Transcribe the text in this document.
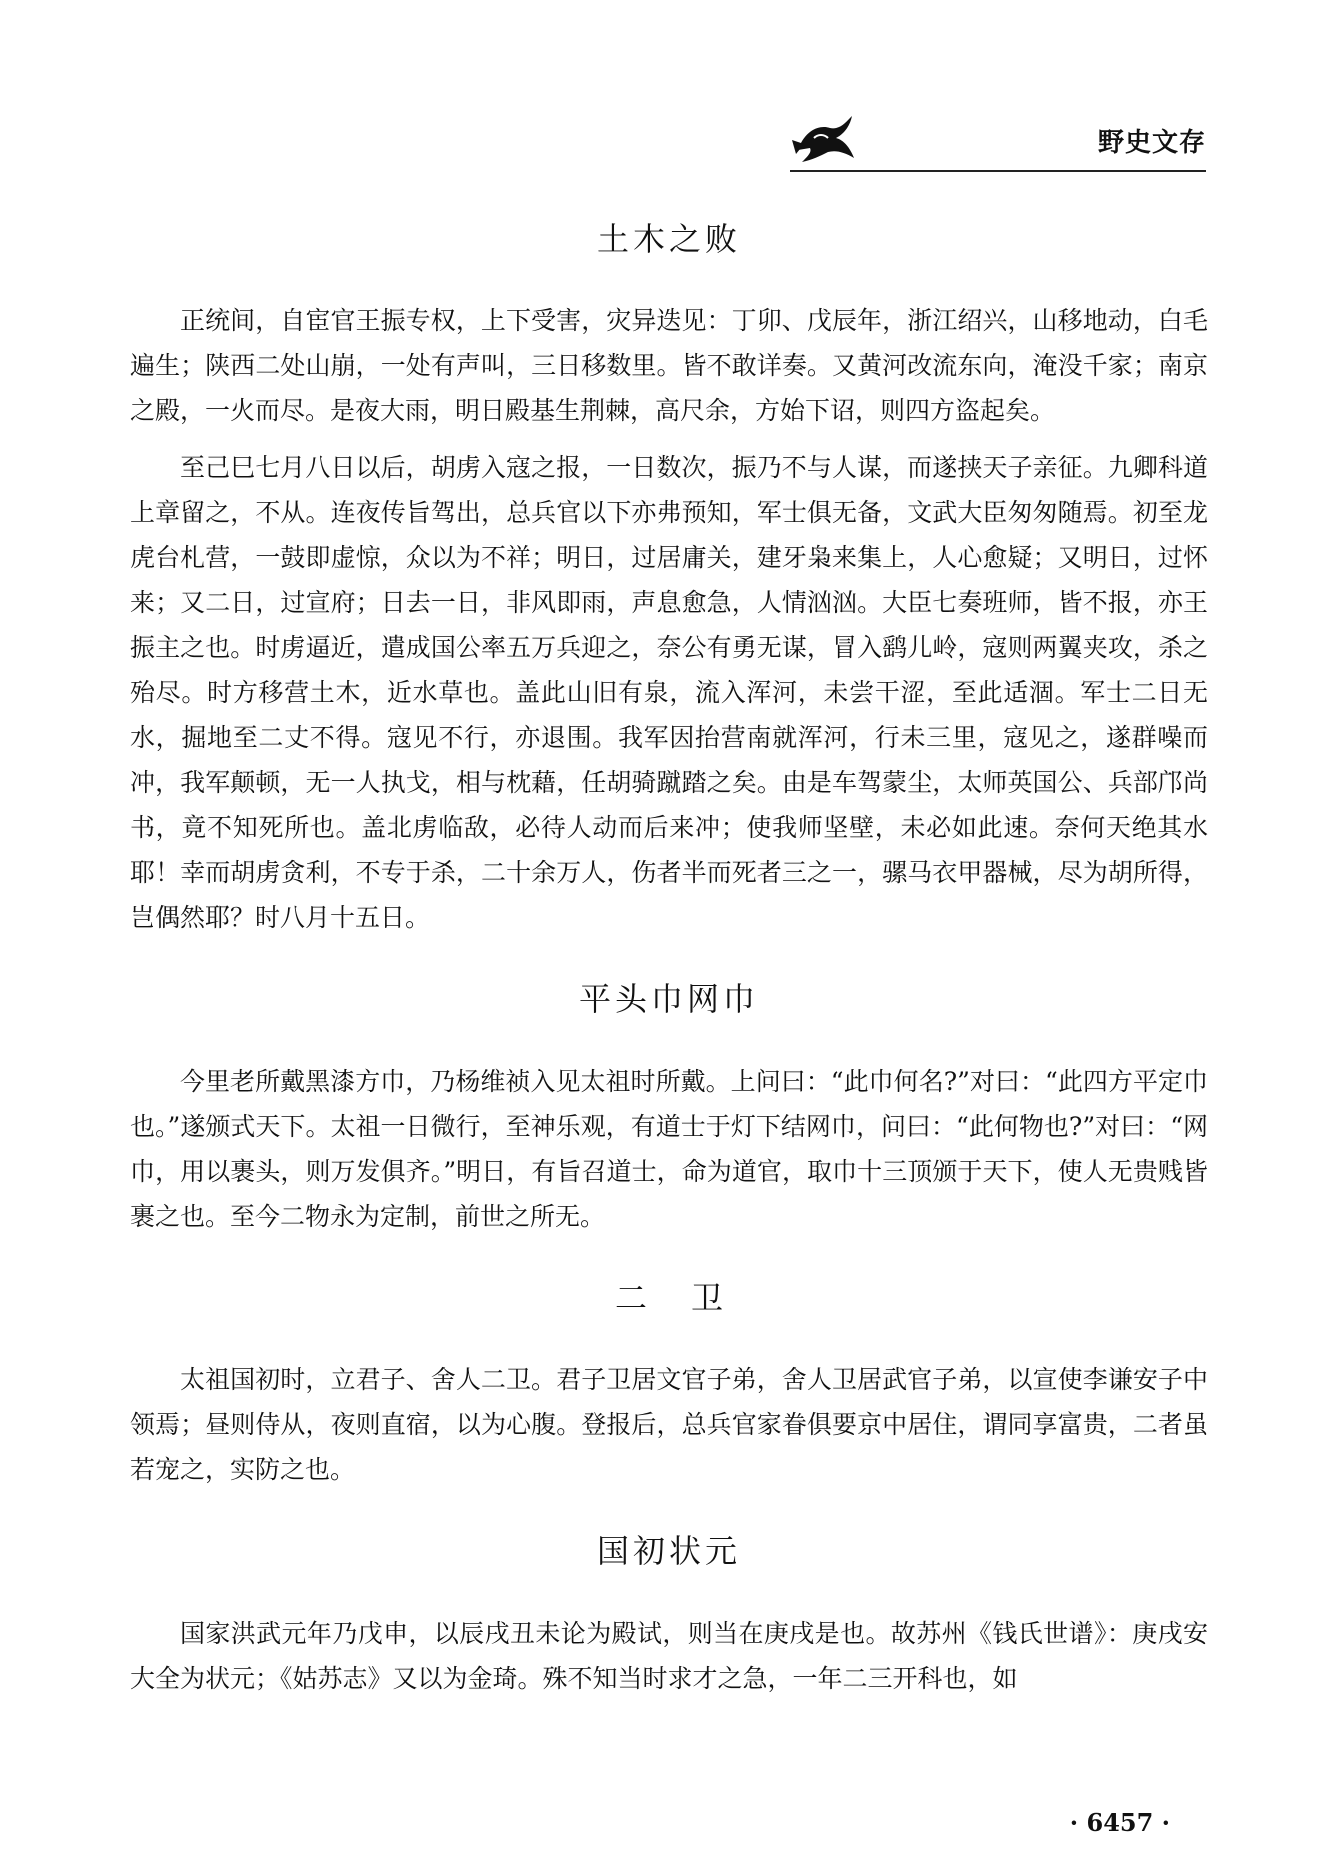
野史文存
土木之败

正统间，自宦官王振专权，上下受害，灾异迭见：丁卯、戊辰年，浙江绍兴，山移地动，白毛遍生；陕西二处山崩，一处有声叫，三日移数里。皆不敢详奏。又黄河改流东向，淹没千家；南京之殿，一火而尽。是夜大雨，明日殿基生荆棘，高尺余，方始下诏，则四方盗起矣。

至己巳七月八日以后，胡虏入寇之报，一日数次，振乃不与人谋，而遂挟天子亲征。九卿科道上章留之，不从。连夜传旨驾出，总兵官以下亦弗预知，军士俱无备，文武大臣匆匆随焉。初至龙虎台札营，一鼓即虚惊，众以为不祥；明日，过居庸关，建牙枭来集上，人心愈疑；又明日，过怀来；又二日，过宣府；日去一日，非风即雨，声息愈急，人情汹汹。大臣七奏班师，皆不报，亦王振主之也。时虏逼近，遣成国公率五万兵迎之，奈公有勇无谋，冒入鹞儿岭，寇则两翼夹攻，杀之殆尽。时方移营土木，近水草也。盖此山旧有泉，流入浑河，未尝干涩，至此适涸。军士二日无水，掘地至二丈不得。寇见不行，亦退围。我军因抬营南就浑河，行未三里，寇见之，遂群噪而冲，我军颠顿，无一人执戈，相与枕藉，任胡骑蹴踏之矣。由是车驾蒙尘，太师英国公、兵部邝尚书，竟不知死所也。盖北虏临敌，必待人动而后来冲；使我师坚壁，未必如此速。奈何天绝其水耶！幸而胡虏贪利，不专于杀，二十余万人，伤者半而死者三之一，骡马衣甲器械，尽为胡所得，岂偶然耶？时八月十五日。

平头巾网巾

今里老所戴黑漆方巾，乃杨维祯入见太祖时所戴。上问曰：“此巾何名?”对曰：“此四方平定巾也。”遂颁式天下。太祖一日微行，至神乐观，有道士于灯下结网巾，问曰：“此何物也?”对曰：“网巾，用以裹头，则万发俱齐。”明日，有旨召道士，命为道官，取巾十三顶颁于天下，使人无贵贱皆裹之也。至今二物永为定制，前世之所无。

二卫

太祖国初时，立君子、舍人二卫。君子卫居文官子弟，舍人卫居武官子弟，以宣使李谦安子中领焉；昼则侍从，夜则直宿，以为心腹。登报后，总兵官家眷俱要京中居住，谓同享富贵，二者虽若宠之，实防之也。

国初状元

国家洪武元年乃戊申，以辰戌丑未论为殿试，则当在庚戌是也。故苏州《钱氏世谱》：庚戌安大全为状元；《姑苏志》又以为金琦。殊不知当时求才之急，一年二三开科也，如

· 6457 ·
